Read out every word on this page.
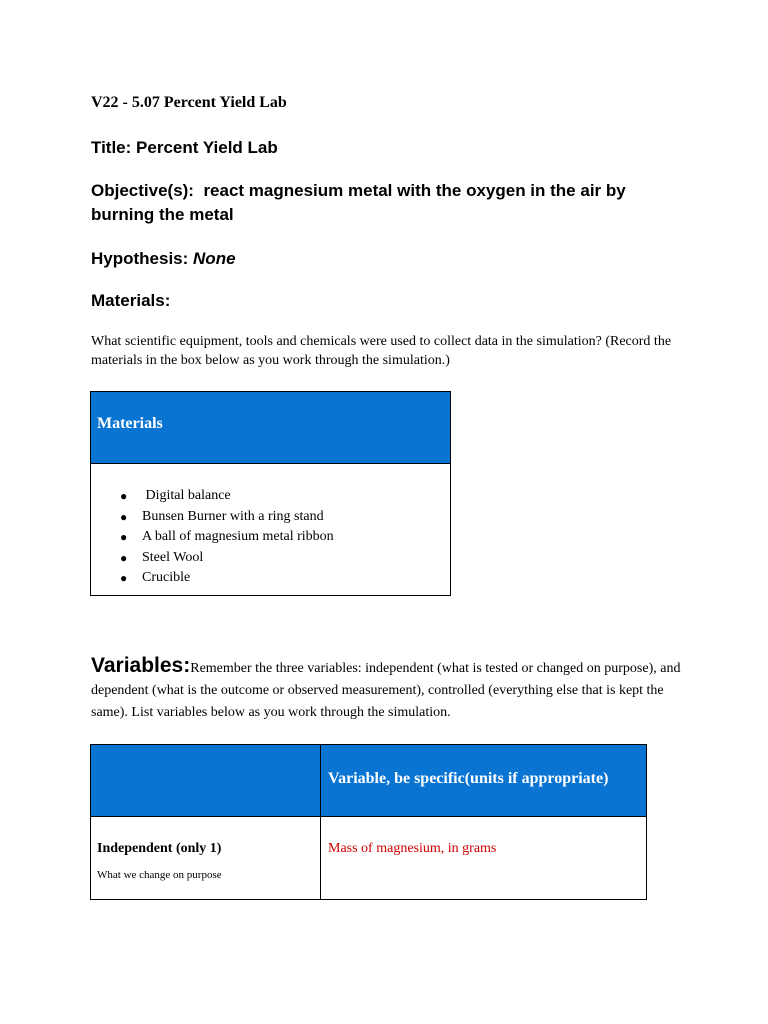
V22 - 5.07 Percent Yield Lab
Title: Percent Yield Lab
Objective(s): react magnesium metal with the oxygen in the air by burning the metal
Hypothesis: None
Materials:
What scientific equipment, tools and chemicals were used to collect data in the simulation? (Record the materials in the box below as you work through the simulation.)
Materials
● Digital balance
● Bunsen Burner with a ring stand
● A ball of magnesium metal ribbon
● Steel Wool
● Crucible
Variables:Remember the three variables: independent (what is tested or changed on purpose), and dependent (what is the outcome or observed measurement), controlled (everything else that is kept the same). List variables below as you work through the simulation.
Variable, be specific(units if appropriate)
Independent (only 1)
What we change on purpose
Mass of magnesium, in grams
